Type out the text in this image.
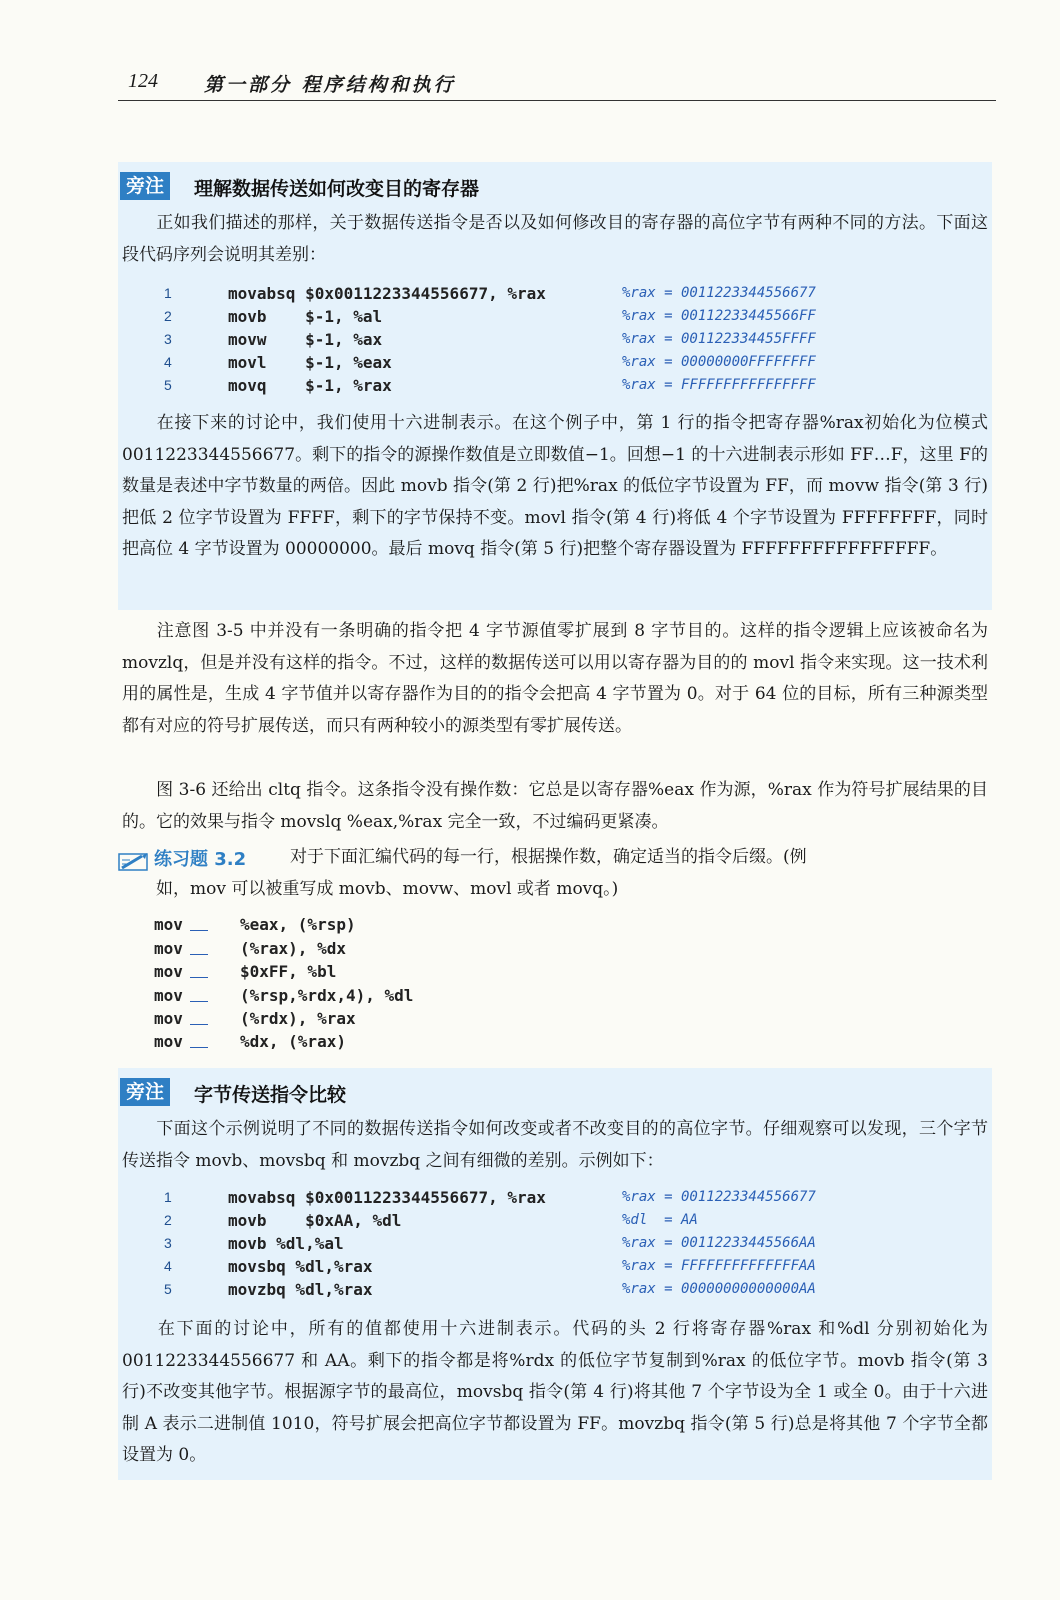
124 第一部分 程序结构和执行
旁注	理解数据传送如何改变目的寄存器
正如我们描述的那样，关于数据传送指令是否以及如何修改目的寄存器的高位字节有两种不同的方法。下面这段代码序列会说明其差别：
1	movabsq $0x0011223344556677, %rax	%rax = 0011223344556677
2	movb    $-1, %al	%rax = 00112233445566FF
3	movw    $-1, %ax	%rax = 001122334455FFFF
4	movl    $-1, %eax	%rax = 00000000FFFFFFFF
5	movq    $-1, %rax	%rax = FFFFFFFFFFFFFFFF
在接下来的讨论中，我们使用十六进制表示。在这个例子中，第 1 行的指令把寄存器%rax初始化为位模式 0011223344556677。剩下的指令的源操作数值是立即数值−1。回想−1 的十六进制表示形如 FF…F，这里 F的数量是表述中字节数量的两倍。因此 movb 指令(第 2 行)把%rax 的低位字节设置为 FF，而 movw 指令(第 3 行)把低 2 位字节设置为 FFFF，剩下的字节保持不变。movl 指令(第 4 行)将低 4 个字节设置为 FFFFFFFF，同时把高位 4 字节设置为 00000000。最后 movq 指令(第 5 行)把整个寄存器设置为 FFFFFFFFFFFFFFFF。
注意图 3-5 中并没有一条明确的指令把 4 字节源值零扩展到 8 字节目的。这样的指令逻辑上应该被命名为 movzlq，但是并没有这样的指令。不过，这样的数据传送可以用以寄存器为目的的 movl 指令来实现。这一技术利用的属性是，生成 4 字节值并以寄存器作为目的的指令会把高 4 字节置为 0。对于 64 位的目标，所有三种源类型都有对应的符号扩展传送，而只有两种较小的源类型有零扩展传送。
图 3-6 还给出 cltq 指令。这条指令没有操作数：它总是以寄存器%eax 作为源，%rax 作为符号扩展结果的目的。它的效果与指令 movslq %eax,%rax 完全一致，不过编码更紧凑。
练习题 3.2	对于下面汇编代码的每一行，根据操作数，确定适当的指令后缀。(例
如，mov 可以被重写成 movb、movw、movl 或者 movq。)
mov	%eax, (%rsp)
mov	(%rax), %dx
mov	$0xFF, %bl
mov	(%rsp,%rdx,4), %dl
mov	(%rdx), %rax
mov	%dx, (%rax)
旁注	字节传送指令比较
下面这个示例说明了不同的数据传送指令如何改变或者不改变目的的高位字节。仔细观察可以发现，三个字节传送指令 movb、movsbq 和 movzbq 之间有细微的差别。示例如下：
1	movabsq $0x0011223344556677, %rax	%rax = 0011223344556677
2	movb    $0xAA, %dl	%dl  = AA
3	movb %dl,%al	%rax = 00112233445566AA
4	movsbq %dl,%rax	%rax = FFFFFFFFFFFFFFAA
5	movzbq %dl,%rax	%rax = 00000000000000AA
在下面的讨论中，所有的值都使用十六进制表示。代码的头 2 行将寄存器%rax 和%dl 分别初始化为 0011223344556677 和 AA。剩下的指令都是将%rdx 的低位字节复制到%rax 的低位字节。movb 指令(第 3 行)不改变其他字节。根据源字节的最高位，movsbq 指令(第 4 行)将其他 7 个字节设为全 1 或全 0。由于十六进制 A 表示二进制值 1010，符号扩展会把高位字节都设置为 FF。movzbq 指令(第 5 行)总是将其他 7 个字节全都设置为 0。
